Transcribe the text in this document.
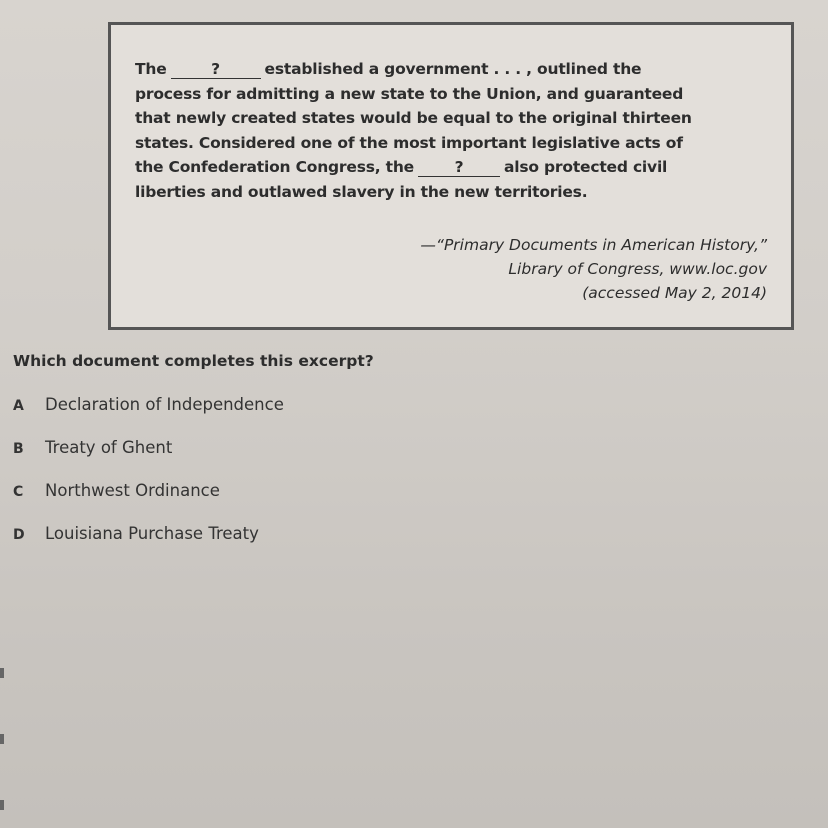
The	?	established a government . . . , outlined the
process for admitting a new state to the Union, and guaranteed
that newly created states would be equal to the original thirteen
states. Considered one of the most important legislative acts of
the Confederation Congress, the	?	also protected civil
liberties and outlawed slavery in the new territories.
—“Primary Documents in American History,”
Library of Congress, www.loc.gov
(accessed May 2, 2014)
Which document completes this excerpt?
A	Declaration of Independence
B	Treaty of Ghent
C	Northwest Ordinance
D	Louisiana Purchase Treaty
